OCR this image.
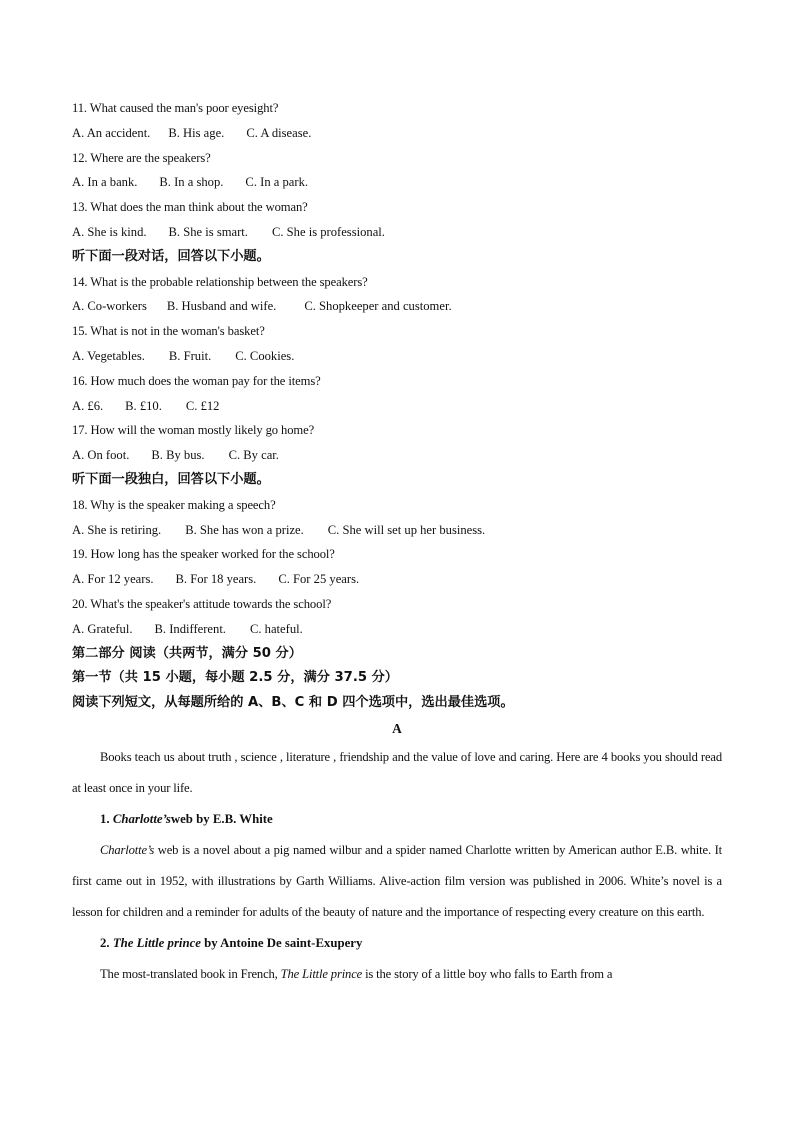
11. What caused the man's poor eyesight?
A. An accident. B. His age. C. A disease.
12. Where are the speakers?
A. In a bank. B. In a shop. C. In a park.
13. What does the man think about the woman?
A. She is kind. B. She is smart. C. She is professional.
听下面一段对话，回答以下小题。
14. What is the probable relationship between the speakers?
A. Co-workers B. Husband and wife. C. Shopkeeper and customer.
15. What is not in the woman's basket?
A. Vegetables. B. Fruit. C. Cookies.
16. How much does the woman pay for the items?
A. £6. B. £10. C. £12
17. How will the woman mostly likely go home?
A. On foot. B. By bus. C. By car.
听下面一段独白，回答以下小题。
18. Why is the speaker making a speech?
A. She is retiring. B. She has won a prize. C. She will set up her business.
19. How long has the speaker worked for the school?
A. For 12 years. B. For 18 years. C. For 25 years.
20. What's the speaker's attitude towards the school?
A. Grateful. B. Indifferent. C. hateful.
第二部分 阅读（共两节，满分 50 分）
第一节（共 15 小题，每小题 2.5 分，满分 37.5 分）
阅读下列短文，从每题所给的 A、B、C 和 D 四个选项中，选出最佳选项。
A
Books teach us about truth , science , literature , friendship and the value of love and caring. Here are 4 books you should read at least once in your life.
1. Charlotte’sweb by E.B. White
Charlotte’s web is a novel about a pig named wilbur and a spider named Charlotte written by American author E.B. white. It first came out in 1952, with illustrations by Garth Williams. Alive-action film version was published in 2006. White’s novel is a lesson for children and a reminder for adults of the beauty of nature and the importance of respecting every creature on this earth.
2. The Little prince by Antoine De saint-Exupery
The most-translated book in French, The Little prince is the story of a little boy who falls to Earth from a
